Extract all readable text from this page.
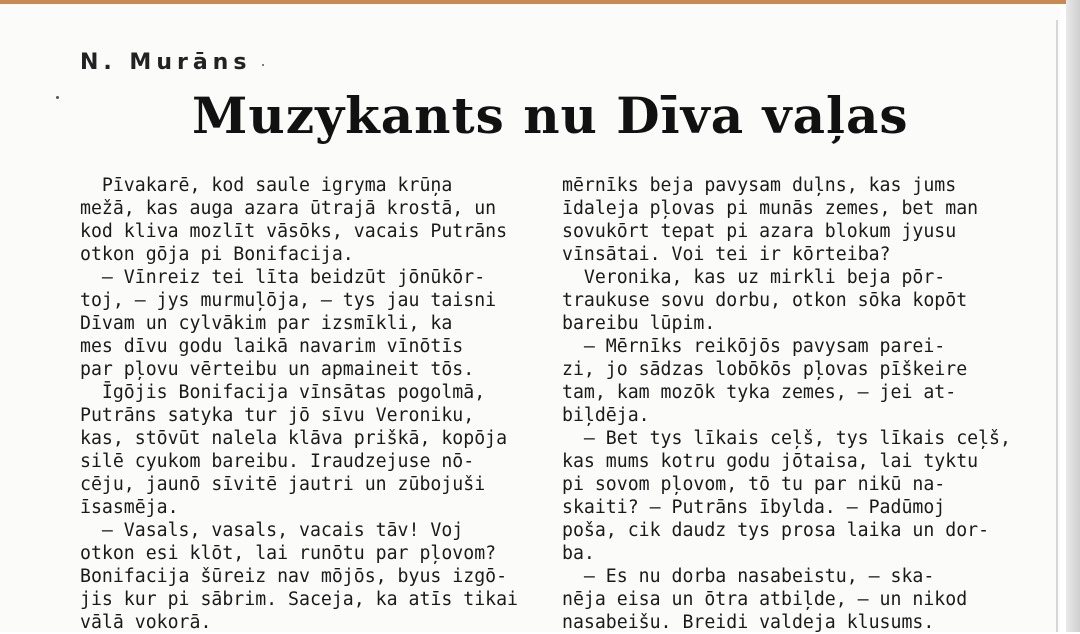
N. Murāns
Muzykants nu Dīva vaļas
Pīvakarē, kod saule igryma krūņa
mežā, kas auga azara ūtrajā krostā, un
kod kliva mozlīt vāsōks, vacais Putrāns
otkon gōja pi Bonifacija.
— Vīnreiz tei līta beidzūt jōnūkōr-
toj, — jys murmuļōja, — tys jau taisni
Dīvam un cylvākim par izsmīkli, ka
mes dīvu godu laikā navarim vīnōtīs
par pļovu vērteibu un apmaineit tōs.
Īgōjis Bonifacija vīnsātas pogolmā,
Putrāns satyka tur jō sīvu Veroniku,
kas, stōvūt nalela klāva priškā, kopōja
silē cyukom bareibu. Iraudzejuse nō-
cēju, jaunō sīvitē jautri un zūbojuši
īsasmēja.
— Vasals, vasals, vacais tāv! Voj
otkon esi klōt, lai runōtu par pļovom?
Bonifacija šūreiz nav mōjōs, byus izgō-
jis kur pi sābrim. Saceja, ka atīs tikai
vālā vokorā.
mērnīks beja pavysam duļns, kas jums
īdaleja pļovas pi munās zemes, bet man
sovukōrt tepat pi azara blokum jyusu
vīnsātai. Voi tei ir kōrteiba?
Veronika, kas uz mirkli beja pōr-
traukuse sovu dorbu, otkon sōka kopōt
bareibu lūpim.
— Mērnīks reikōjōs pavysam parei-
zi, jo sādzas lobōkōs pļovas pīškeire
tam, kam mozōk tyka zemes, — jei at-
biļdēja.
— Bet tys līkais ceļš, tys līkais ceļš,
kas mums kotru godu jōtaisa, lai tyktu
pi sovom pļovom, tō tu par nikū na-
skaiti? — Putrāns ībylda. — Padūmoj
poša, cik daudz tys prosa laika un dor-
ba.
— Es nu dorba nasabeistu, — ska-
nēja eisa un ōtra atbiļde, — un nikod
nasabeišu. Breidi valdeja klusums.
